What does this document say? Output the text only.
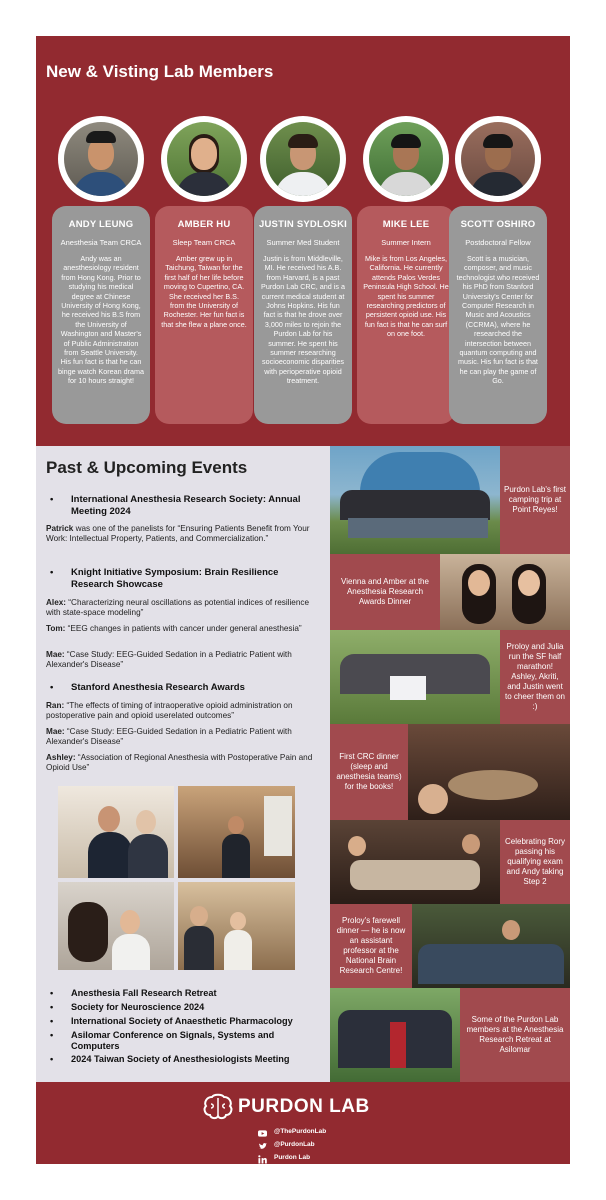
New & Visting Lab Members
ANDY LEUNG
Anesthesia Team CRCA
Andy was an anesthesiology resident from Hong Kong. Prior to studying his medical degree at Chinese University of Hong Kong, he received his B.S from the University of Washington and Master's of Public Administration from Seattle University. His fun fact is that he can binge watch Korean drama for 10 hours straight!
AMBER HU
Sleep Team CRCA
Amber grew up in Taichung, Taiwan for the first half of her life before moving to Cupertino, CA. She received her B.S. from the University of Rochester. Her fun fact is that she flew a plane once.
JUSTIN SYDLOSKI
Summer Med Student
Justin is from Middleville, MI. He received his A.B. from Harvard, is a past Purdon Lab CRC, and is a current medical student at Johns Hopkins. His fun fact is that he drove over 3,000 miles to rejoin the Purdon Lab for his summer. He spent his summer researching socioeconomic disparities with perioperative opioid treatment.
MIKE LEE
Summer Intern
Mike is from Los Angeles, California. He currently attends Palos Verdes Peninsula High School. He spent his summer researching predictors of persistent opioid use. His fun fact is that he can surf on one foot.
SCOTT OSHIRO
Postdoctoral Fellow
Scott is a musician, composer, and music technologist who received his PhD from Stanford University's Center for Computer Research in Music and Acoustics (CCRMA), where he researched the intersection between quantum computing and music. His fun fact is that he can play the game of Go.
Past & Upcoming Events
• International Anesthesia Research Society: Annual Meeting 2024
Patrick was one of the panelists for “Ensuring Patients Benefit from Your Work: Intellectual Property, Patients, and Commercialization.”
• Knight Initiative Symposium: Brain Resilience Research Showcase
Alex: “Characterizing neural oscillations as potential indices of resilience with state-space modeling”
Tom: “EEG changes in patients with cancer under general anesthesia”
Mae: “Case Study: EEG-Guided Sedation in a Pediatric Patient with Alexander's Disease”
• Stanford Anesthesia Research Awards
Ran: “The effects of timing of intraoperative opioid administration on postoperative pain and opioid userelated outcomes”
Mae: “Case Study: EEG-Guided Sedation in a Pediatric Patient with Alexander's Disease”
Ashley: “Association of Regional Anesthesia with Postoperative Pain and Opioid Use”
• Anesthesia Fall Research Retreat
• Society for Neuroscience 2024
• International Society of Anaesthetic Pharmacology
• Asilomar Conference on Signals, Systems and Computers
• 2024 Taiwan Society of Anesthesiologists Meeting
Purdon Lab's first camping trip at Point Reyes!
Vienna and Amber at the Anesthesia Research Awards Dinner
Proloy and Julia run the SF half marathon! Ashley, Akriti, and Justin went to cheer them on :)
First CRC dinner (sleep and anesthesia teams) for the books!
Celebrating Rory passing his qualifying exam and Andy taking Step 2
Proloy's farewell dinner — he is now an assistant professor at the National Brain Research Centre!
Some of the Purdon Lab members at the Anesthesia Research Retreat at Asilomar
PURDON LAB
@ThePurdonLab
@PurdonLab
Purdon Lab
